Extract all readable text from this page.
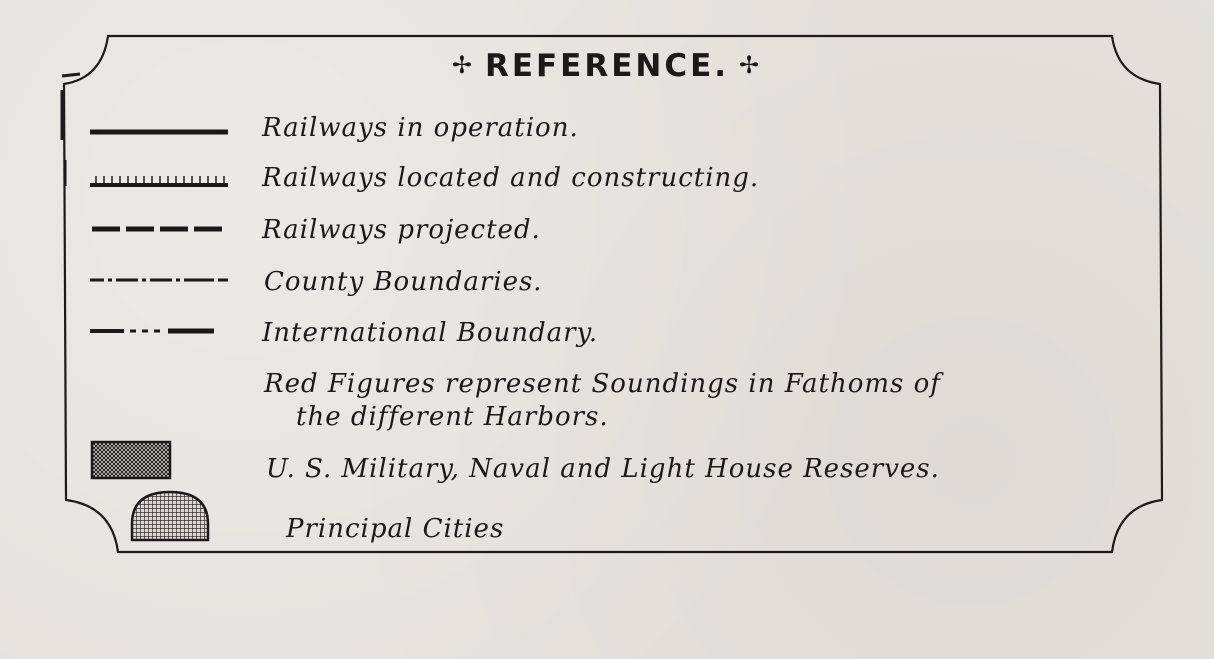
✢ REFERENCE. ✢
Railways in operation.
Railways located and constructing.
Railways projected.
County Boundaries.
International Boundary.
Red Figures represent Soundings in Fathoms of
the different Harbors.
U. S. Military, Naval and Light House Reserves.
Principal Cities
